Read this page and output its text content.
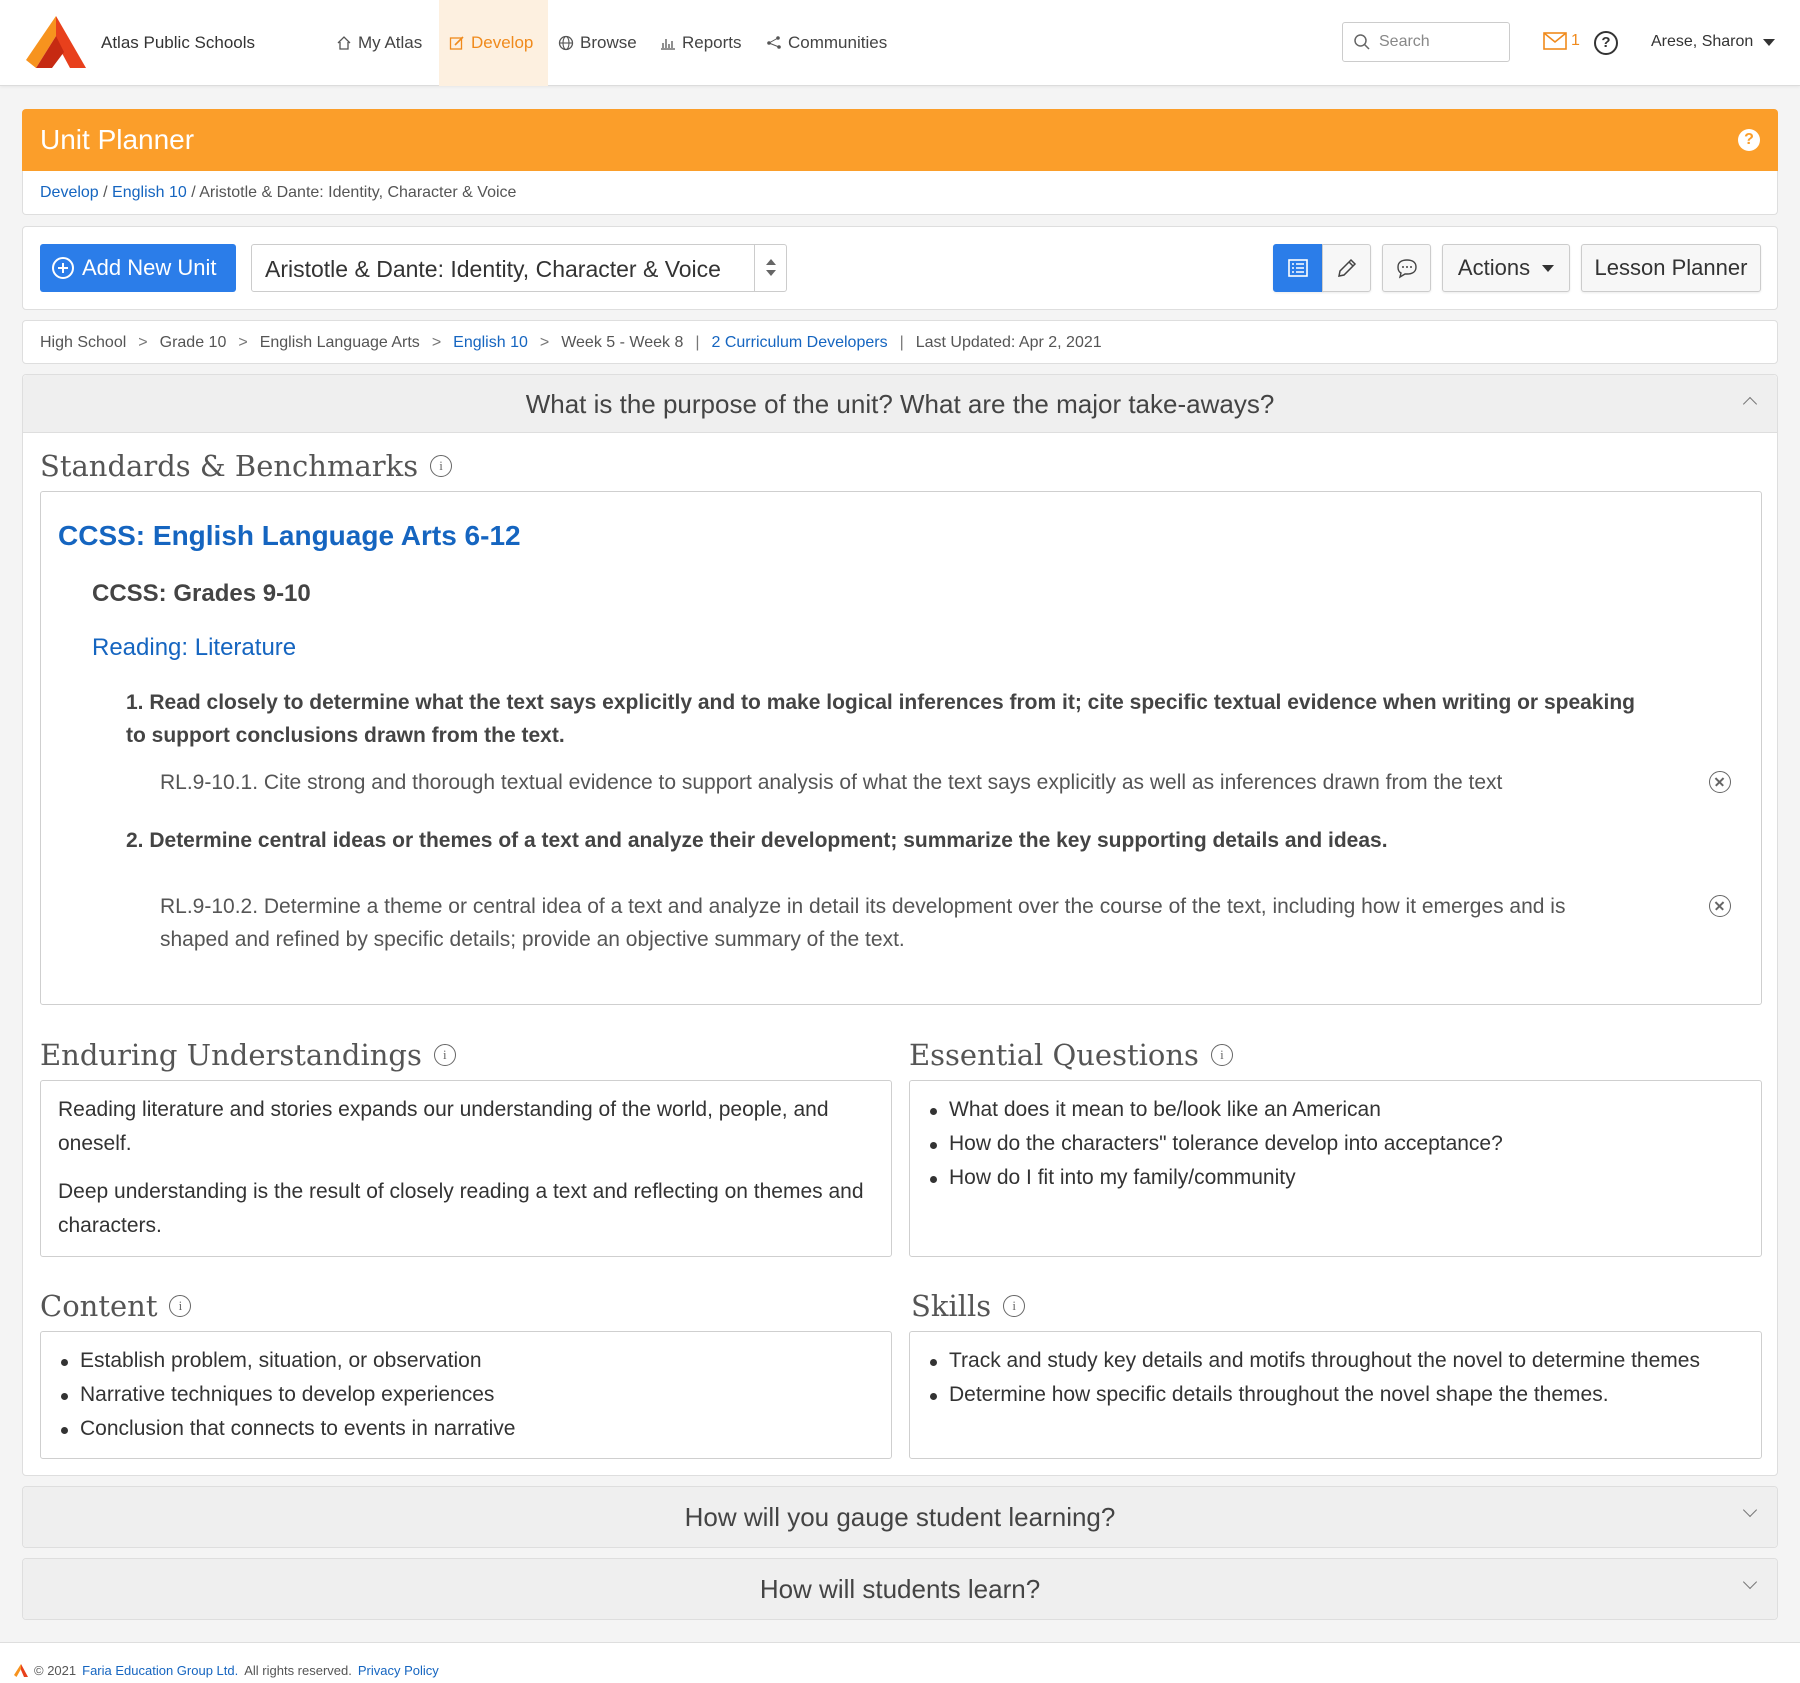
Atlas Public Schools	My Atlas	Develop	Browse	Reports	Communities	Search	1	?	Arese, Sharon
Unit Planner	?
Develop / English 10 / Aristotle & Dante: Identity, Character & Voice
Add New Unit	Aristotle & Dante: Identity, Character & Voice	Actions	Lesson Planner
High School > Grade 10 > English Language Arts > English 10 > Week 5 - Week 8 | 2 Curriculum Developers | Last Updated: Apr 2, 2021
What is the purpose of the unit? What are the major take-aways?
Standards & Benchmarks	i
CCSS: English Language Arts 6-12
CCSS: Grades 9-10
Reading: Literature
1. Read closely to determine what the text says explicitly and to make logical inferences from it; cite specific textual evidence when writing or speaking to support conclusions drawn from the text.
RL.9-10.1. Cite strong and thorough textual evidence to support analysis of what the text says explicitly as well as inferences drawn from the text
2. Determine central ideas or themes of a text and analyze their development; summarize the key supporting details and ideas.
RL.9-10.2. Determine a theme or central idea of a text and analyze in detail its development over the course of the text, including how it emerges and is shaped and refined by specific details; provide an objective summary of the text.
Enduring Understandings	i

Reading literature and stories expands our understanding of the world, people, and oneself.

Deep understanding is the result of closely reading a text and reflecting on themes and characters.

Essential Questions	i
What does it mean to be/look like an American
How do the characters" tolerance develop into acceptance?
How do I fit into my family/community
Content	i
Establish problem, situation, or observation
Narrative techniques to develop experiences
Conclusion that connects to events in narrative
Skills	i
Track and study key details and motifs throughout the novel to determine themes
Determine how specific details throughout the novel shape the themes.
How will you gauge student learning?
How will students learn?
© 2021 Faria Education Group Ltd. All rights reserved. Privacy Policy
